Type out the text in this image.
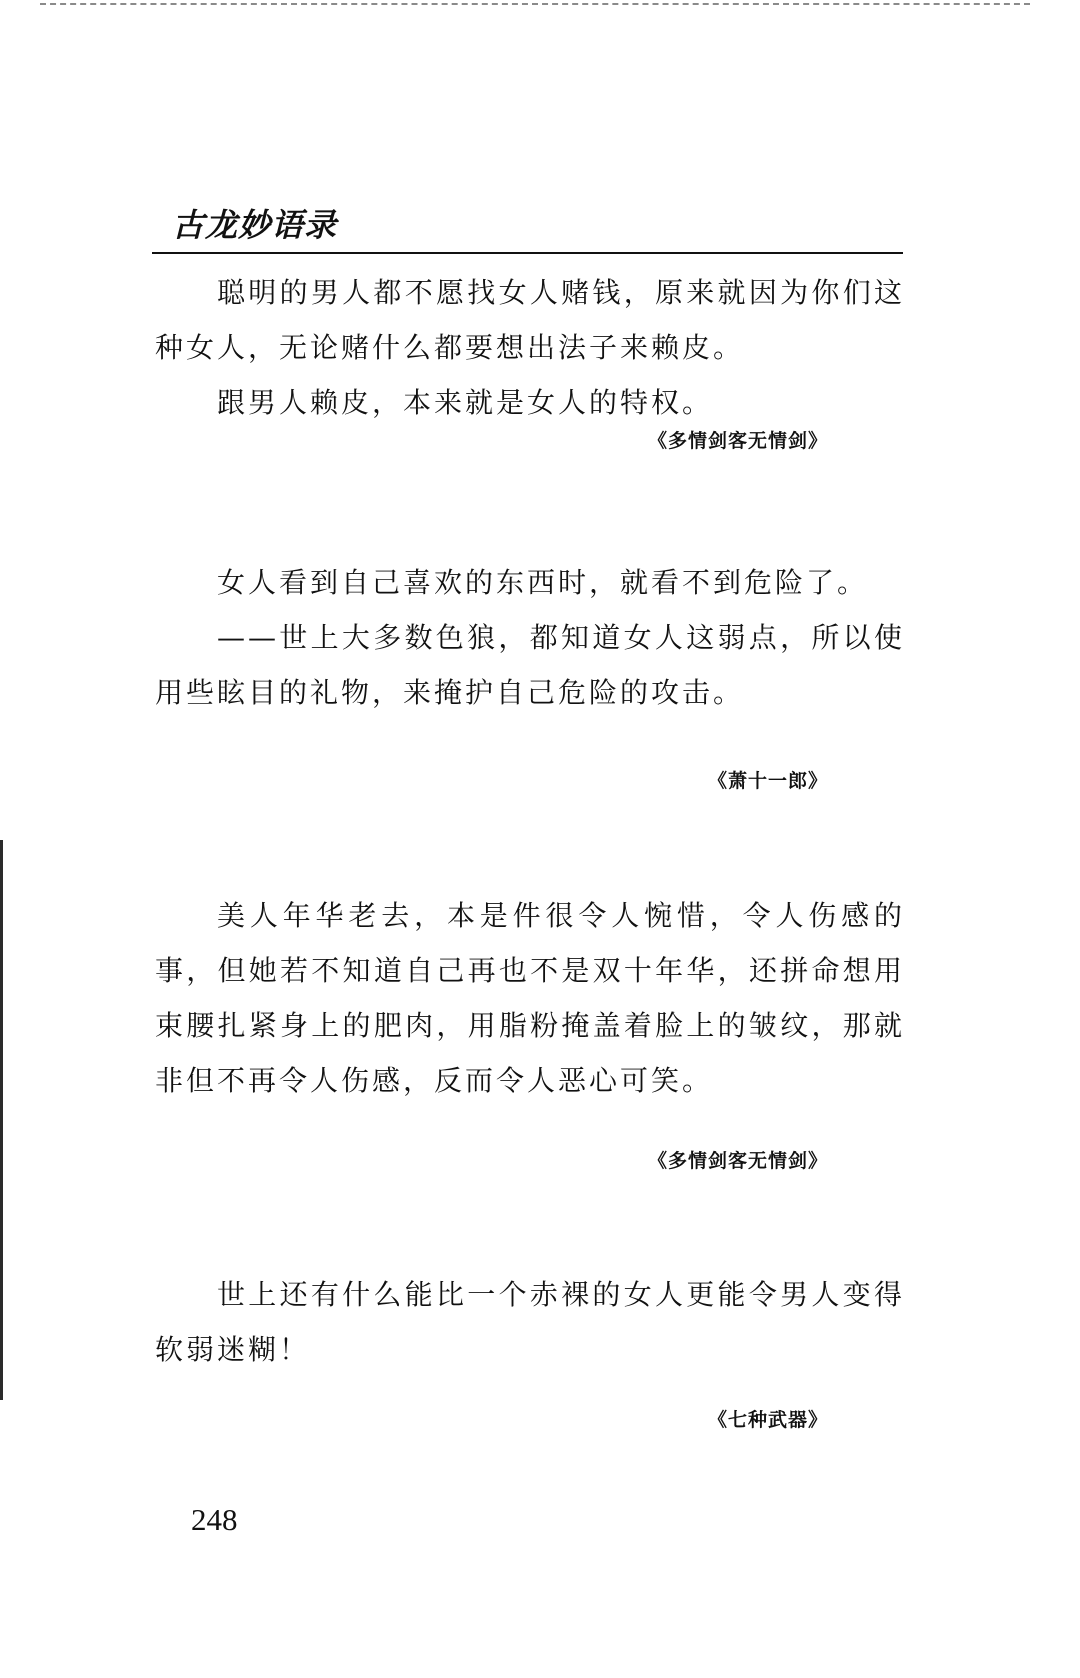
古龙妙语录
聪明的男人都不愿找女人赌钱，原来就因为你们这种女人，无论赌什么都要想出法子来赖皮。
跟男人赖皮，本来就是女人的特权。
《多情剑客无情剑》
女人看到自己喜欢的东西时，就看不到危险了。
——世上大多数色狼，都知道女人这弱点，所以使用些眩目的礼物，来掩护自己危险的攻击。
《萧十一郎》
美人年华老去，本是件很令人惋惜，令人伤感的事，但她若不知道自己再也不是双十年华，还拼命想用束腰扎紧身上的肥肉，用脂粉掩盖着脸上的皱纹，那就非但不再令人伤感，反而令人恶心可笑。
《多情剑客无情剑》
世上还有什么能比一个赤裸的女人更能令男人变得软弱迷糊！
《七种武器》
248
